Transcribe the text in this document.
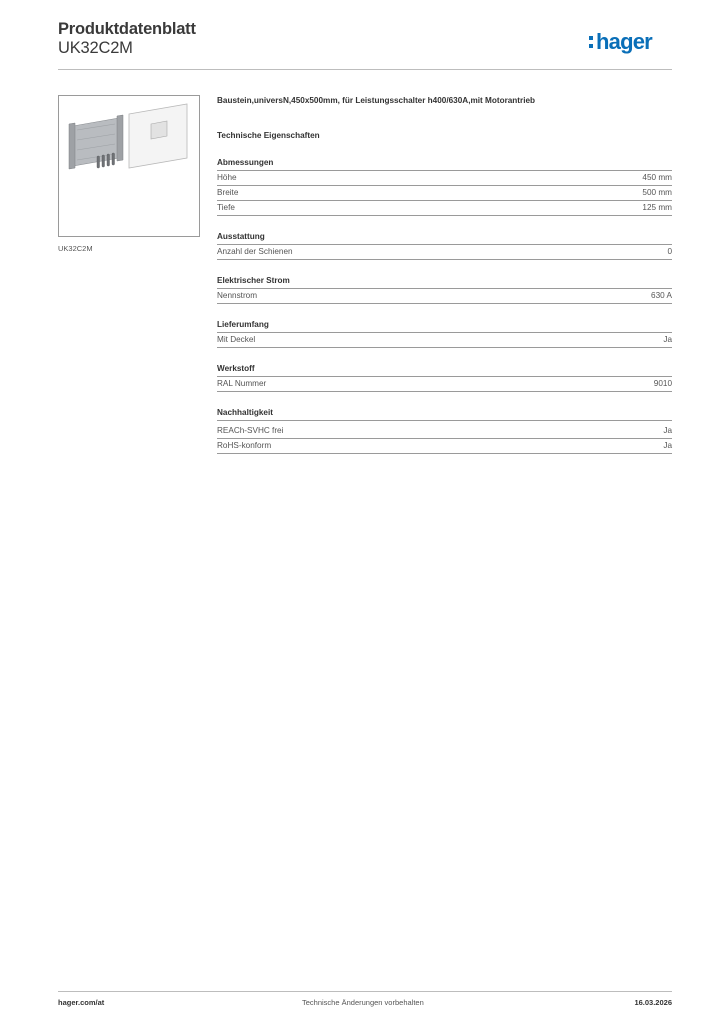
Produktdatenblatt
UK32C2M	hager
UK32C2M
Baustein,universN,450x500mm, für Leistungsschalter h400/630A,mit Motorantrieb
Technische Eigenschaften
Abmessungen
Höhe	450 mm
Breite	500 mm
Tiefe	125 mm
Ausstattung
Anzahl der Schienen	0
Elektrischer Strom
Nennstrom	630 A
Lieferumfang
Mit Deckel	Ja
Werkstoff
RAL Nummer	9010
Nachhaltigkeit
REACh-SVHC frei	Ja
RoHS-konform	Ja
hager.com/at	Technische Änderungen vorbehalten	16.03.2026
